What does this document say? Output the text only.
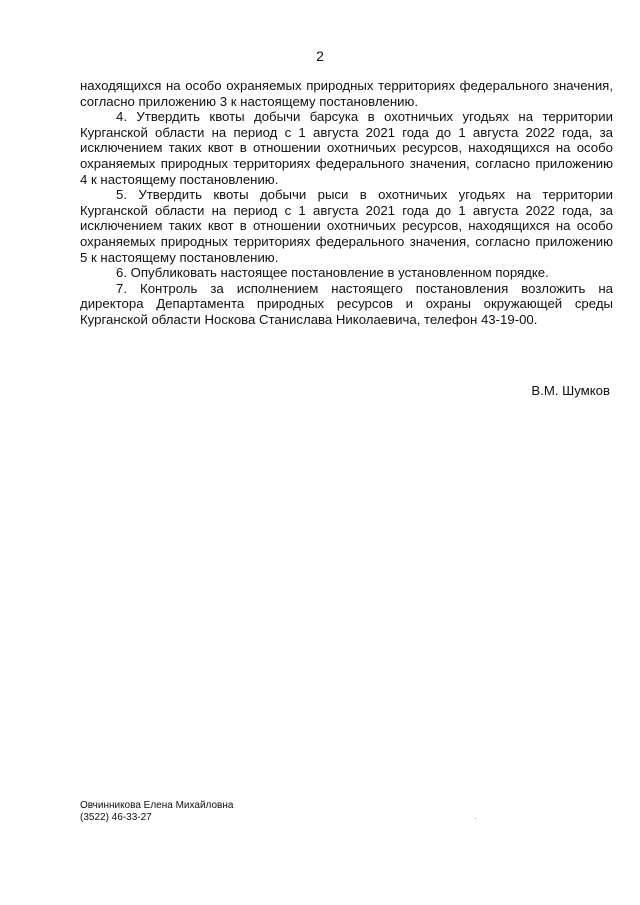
2

находящихся на особо охраняемых природных территориях федерального значения, согласно приложению 3 к настоящему постановлению.

4. Утвердить квоты добычи барсука в охотничьих угодьях на территории Курганской области на период с 1 августа 2021 года до 1 августа 2022 года, за исключением таких квот в отношении охотничьих ресурсов, находящихся на особо охраняемых природных территориях федерального значения, согласно приложению 4 к настоящему постановлению.

5. Утвердить квоты добычи рыси в охотничьих угодьях на территории Курганской области на период с 1 августа 2021 года до 1 августа 2022 года, за исключением таких квот в отношении охотничьих ресурсов, находящихся на особо охраняемых природных территориях федерального значения, согласно приложению 5 к настоящему постановлению.

6. Опубликовать настоящее постановление в установленном порядке.

7. Контроль за исполнением настоящего постановления возложить на директора Департамента природных ресурсов и охраны окружающей среды Курганской области Носкова Станислава Николаевича, телефон 43-19-00.

В.М. Шумков
Овчинникова Елена Михайловна
(3522) 46-33-27
